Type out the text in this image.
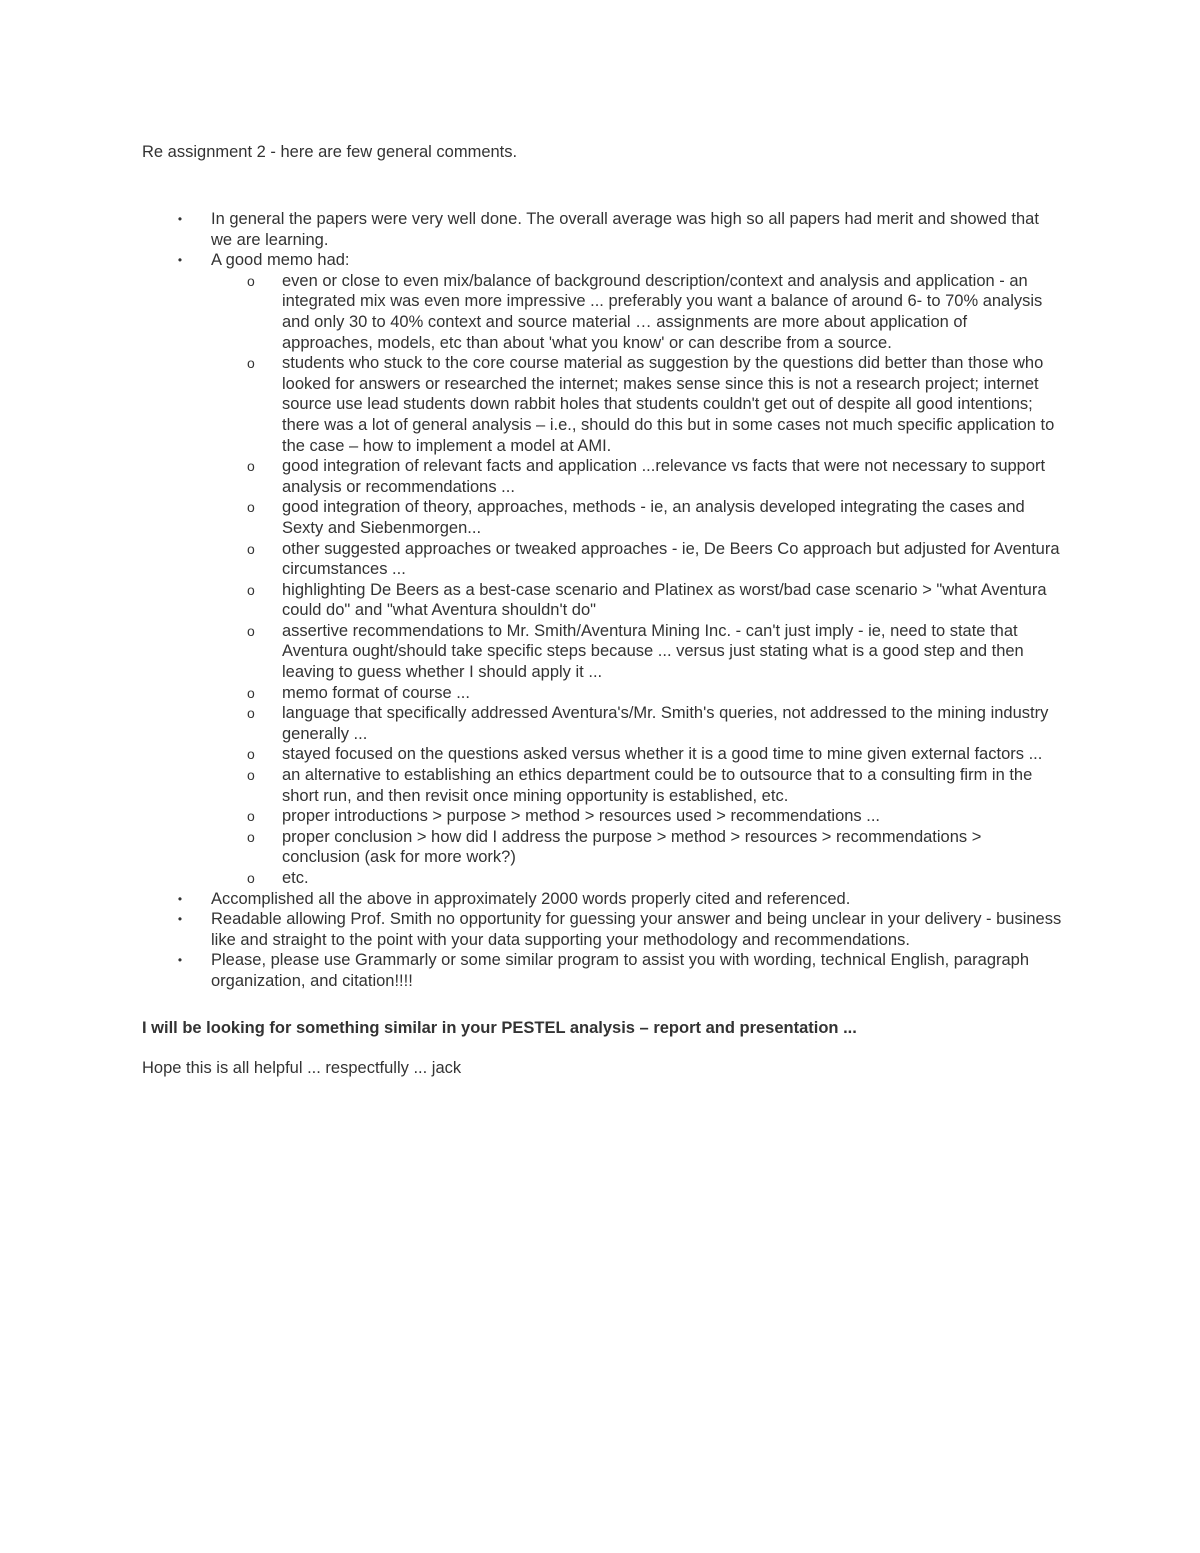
Re assignment 2 - here are few general comments.

• In general the papers were very well done. The overall average was high so all papers had merit and showed that we are learning.
• A good memo had:
o even or close to even mix/balance of background description/context and analysis and application - an integrated mix was even more impressive ... preferably you want a balance of around 6- to 70% analysis and only 30 to 40% context and source material … assignments are more about application of approaches, models, etc than about 'what you know' or can describe from a source.
o students who stuck to the core course material as suggestion by the questions did better than those who looked for answers or researched the internet; makes sense since this is not a research project; internet source use lead students down rabbit holes that students couldn't get out of despite all good intentions; there was a lot of general analysis – i.e., should do this but in some cases not much specific application to the case – how to implement a model at AMI.
o good integration of relevant facts and application ...relevance vs facts that were not necessary to support analysis or recommendations ...
o good integration of theory, approaches, methods - ie, an analysis developed integrating the cases and Sexty and Siebenmorgen...
o other suggested approaches or tweaked approaches - ie, De Beers Co approach but adjusted for Aventura circumstances ...
o highlighting De Beers as a best-case scenario and Platinex as worst/bad case scenario > "what Aventura could do" and "what Aventura shouldn't do"
o assertive recommendations to Mr. Smith/Aventura Mining Inc. - can't just imply - ie, need to state that Aventura ought/should take specific steps because ... versus just stating what is a good step and then leaving to guess whether I should apply it ...
o memo format of course ...
o language that specifically addressed Aventura's/Mr. Smith's queries, not addressed to the mining industry generally ...
o stayed focused on the questions asked versus whether it is a good time to mine given external factors ...
o an alternative to establishing an ethics department could be to outsource that to a consulting firm in the short run, and then revisit once mining opportunity is established, etc.
o proper introductions > purpose > method > resources used > recommendations ...
o proper conclusion > how did I address the purpose > method > resources > recommendations > conclusion (ask for more work?)
o etc.
• Accomplished all the above in approximately 2000 words properly cited and referenced.
• Readable allowing Prof. Smith no opportunity for guessing your answer and being unclear in your delivery - business like and straight to the point with your data supporting your methodology and recommendations.
• Please, please use Grammarly or some similar program to assist you with wording, technical English, paragraph organization, and citation!!!!

I will be looking for something similar in your PESTEL analysis – report and presentation ...

Hope this is all helpful ... respectfully ... jack
